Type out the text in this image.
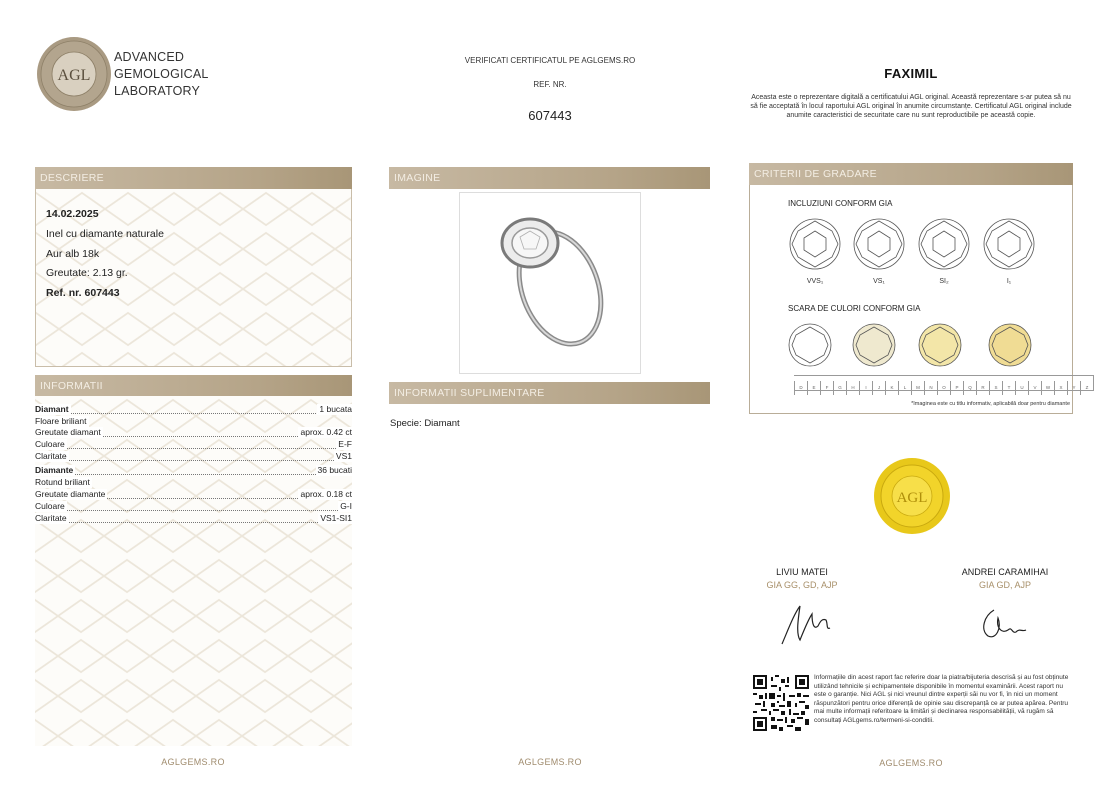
AGL
ADVANCED
GEMOLOGICAL
LABORATORY
VERIFICATI CERTIFICATUL PE AGLGEMS.RO
REF. NR.
607443
FAXIMIL
Aceasta este o reprezentare digitală a certificatului AGL original. Această reprezentare s-ar putea să nu să fie acceptată în locul raportului AGL original în anumite circumstanțe. Certificatul AGL original include anumite caracteristici de securitate care nu sunt reproductibile pe această copie.
DESCRIERE
14.02.2025
Inel cu diamante naturale
Aur alb 18k
Greutate: 2.13 gr.
Ref. nr. 607443
INFORMATII
Diamant	1 bucata
Floare briliant
Greutate diamant	aprox. 0.42 ct
Culoare	E-F
Claritate	VS1
Diamante	36 bucati
Rotund briliant
Greutate diamante	aprox. 0.18 ct
Culoare	G-I
Claritate	VS1-SI1
IMAGINE
INFORMATII SUPLIMENTARE
Specie: Diamant
CRITERII DE GRADARE
INCLUZIUNI CONFORM GIA
VVS₁	VS₁	SI₂	I₁
SCARA DE CULORI CONFORM GIA
D E F G H I	J K L M N O P Q R S T U V W X Y Z
*Imaginea este cu titlu informativ, aplicabilă doar pentru diamante
AGL
LIVIU MATEI
GIA GG, GD, AJP
ANDREI CARAMIHAI
GIA GD, AJP
Informațiile din acest raport fac referire doar la piatra/bijuteria descrisă și au fost obținute utilizând tehnicile și echipamentele disponibile în momentul examinării. Acest raport nu este o garanție. Nici AGL și nici vreunul dintre experții săi nu vor fi, în nici un moment răspunzători pentru orice diferență de opinie sau discrepanță ce ar putea apărea. Pentru mai multe informații referitoare la limitări și declinarea responsabilității, vă rugăm să consultați AGLgems.ro/termeni-si-conditii.
AGLGEMS.RO	AGLGEMS.RO	AGLGEMS.RO
